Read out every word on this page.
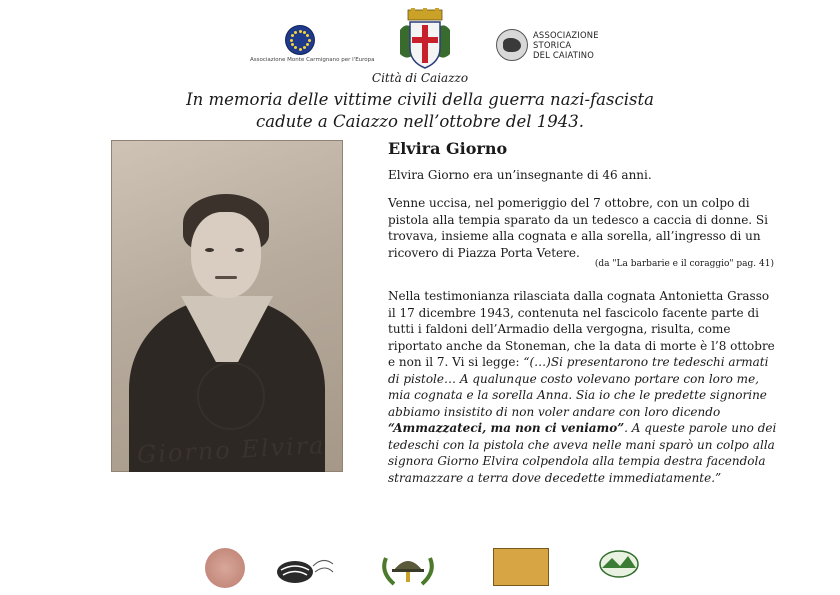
Associazione Monte Carmignano per l'Europa
ASSOCIAZIONE
STORICA
DEL CAIATINO
Città di Caiazzo
In memoria delle vittime civili della guerra nazi-fascista
cadute a Caiazzo nell’ottobre del 1943.
Giorno Elvira
Elvira Giorno

Elvira Giorno era un’insegnante di 46 anni.

Venne uccisa, nel pomeriggio del 7 ottobre, con un colpo di pistola alla tempia sparato da un tedesco a caccia di donne. Si trovava, insieme alla cognata e alla sorella, all’ingresso di un ricovero di Piazza Porta Vetere.

(da "La barbarie e il coraggio" pag. 41)

Nella testimonianza rilasciata dalla cognata Antonietta Grasso il 17 dicembre 1943, contenuta nel fascicolo facente parte di tutti i faldoni dell’Armadio della vergogna, risulta, come riportato anche da Stoneman, che la data di morte è l’8 ottobre e non il 7. Vi si legge: “(…)Si presentarono tre tedeschi armati di pistole… A qualunque costo volevano portare con loro me, mia cognata e la sorella Anna. Sia io che le predette signorine abbiamo insistito di non voler andare con loro dicendo “Ammazzateci, ma non ci veniamo”. A queste parole uno dei tedeschi con la pistola che aveva nelle mani sparò un colpo alla signora Giorno Elvira colpendola alla tempia destra facendola stramazzare a terra dove decedette immediatamente.”
